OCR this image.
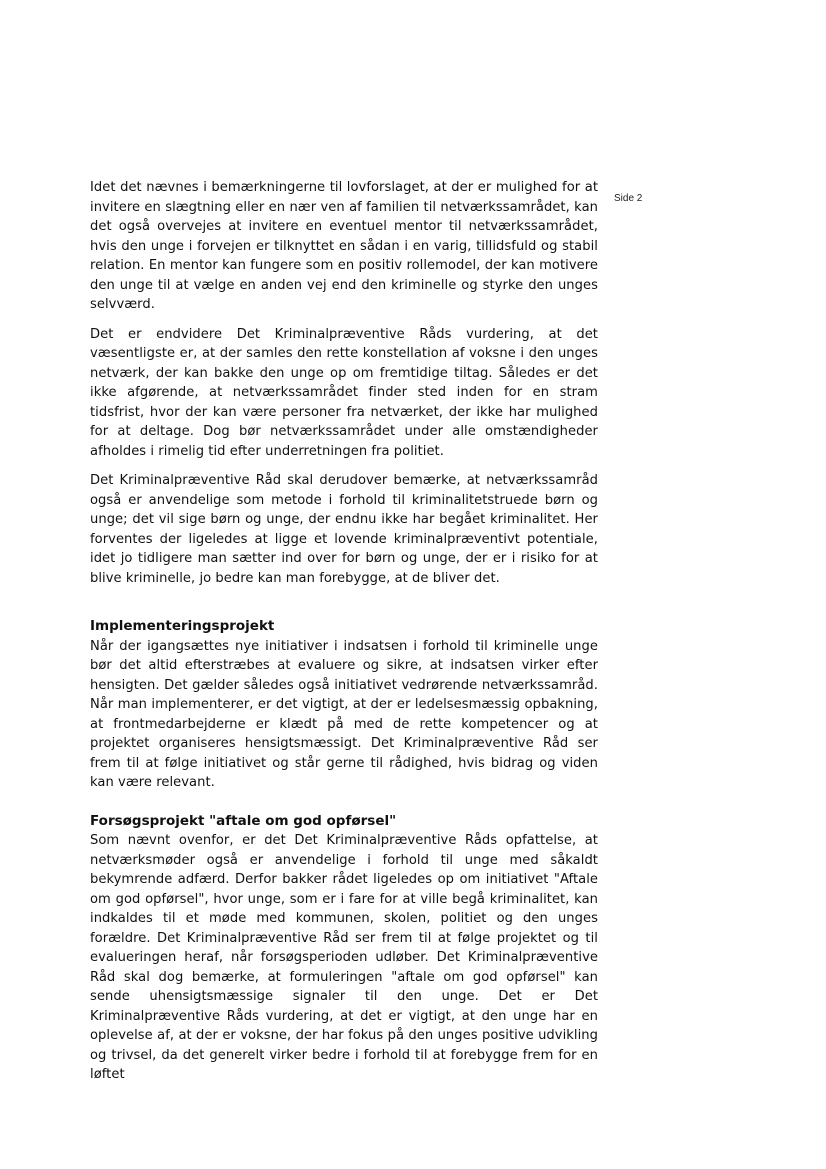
Side 2

Idet det nævnes i bemærkningerne til lovforslaget, at der er mulighed for at invitere en slægtning eller en nær ven af familien til netværkssamrådet, kan det også overvejes at invitere en eventuel mentor til netværkssamrådet, hvis den unge i forvejen er tilknyttet en sådan i en varig, tillidsfuld og stabil relation. En mentor kan fungere som en positiv rollemodel, der kan motivere den unge til at vælge en anden vej end den kriminelle og styrke den unges selvværd.

Det er endvidere Det Kriminalpræventive Råds vurdering, at det væsentligste er, at der samles den rette konstellation af voksne i den unges netværk, der kan bakke den unge op om fremtidige tiltag. Således er det ikke afgørende, at netværkssamrådet finder sted inden for en stram tidsfrist, hvor der kan være personer fra netværket, der ikke har mulighed for at deltage. Dog bør netværkssamrådet under alle omstændigheder afholdes i rimelig tid efter underretningen fra politiet.

Det Kriminalpræventive Råd skal derudover bemærke, at netværkssamråd også er anvendelige som metode i forhold til kriminalitetstruede børn og unge; det vil sige børn og unge, der endnu ikke har begået kriminalitet. Her forventes der ligeledes at ligge et lovende kriminalpræventivt potentiale, idet jo tidligere man sætter ind over for børn og unge, der er i risiko for at blive kriminelle, jo bedre kan man forebygge, at de bliver det.

Implementeringsprojekt

Når der igangsættes nye initiativer i indsatsen i forhold til kriminelle unge bør det altid efterstræbes at evaluere og sikre, at indsatsen virker efter hensigten. Det gælder således også initiativet vedrørende netværkssamråd. Når man implementerer, er det vigtigt, at der er ledelsesmæssig opbakning, at frontmedarbejderne er klædt på med de rette kompetencer og at projektet organiseres hensigtsmæssigt. Det Kriminalpræventive Råd ser frem til at følge initiativet og står gerne til rådighed, hvis bidrag og viden kan være relevant.

Forsøgsprojekt "aftale om god opførsel"

Som nævnt ovenfor, er det Det Kriminalpræventive Råds opfattelse, at netværksmøder også er anvendelige i forhold til unge med såkaldt bekymrende adfærd. Derfor bakker rådet ligeledes op om initiativet "Aftale om god opførsel", hvor unge, som er i fare for at ville begå kriminalitet, kan indkaldes til et møde med kommunen, skolen, politiet og den unges forældre. Det Kriminalpræventive Råd ser frem til at følge projektet og til evalueringen heraf, når forsøgsperioden udløber. Det Kriminalpræventive Råd skal dog bemærke, at formuleringen "aftale om god opførsel" kan sende uhensigtsmæssige signaler til den unge. Det er Det Kriminalpræventive Råds vurdering, at det er vigtigt, at den unge har en oplevelse af, at der er voksne, der har fokus på den unges positive udvikling og trivsel, da det generelt virker bedre i forhold til at forebygge frem for en løftet
